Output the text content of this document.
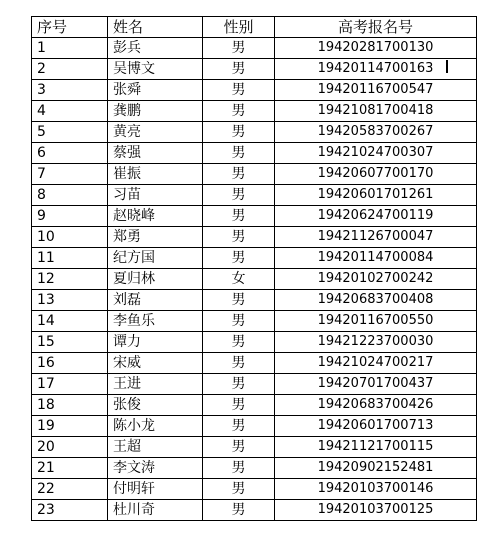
序号	姓名	性别	高考报名号
1	彭兵	男	19420281700130
2	吴博文	男	19420114700163
3	张舜	男	19420116700547
4	龚鹏	男	19421081700418
5	黄亮	男	19420583700267
6	蔡强	男	19421024700307
7	崔振	男	19420607700170
8	习苗	男	19420601701261
9	赵晓峰	男	19420624700119
10	郑勇	男	19421126700047
11	纪方国	男	19420114700084
12	夏归林	女	19420102700242
13	刘磊	男	19420683700408
14	李鱼乐	男	19420116700550
15	谭力	男	19421223700030
16	宋威	男	19421024700217
17	王进	男	19420701700437
18	张俊	男	19420683700426
19	陈小龙	男	19420601700713
20	王超	男	19421121700115
21	李文涛	男	19420902152481
22	付明轩	男	19420103700146
23	杜川奇	男	19420103700125
